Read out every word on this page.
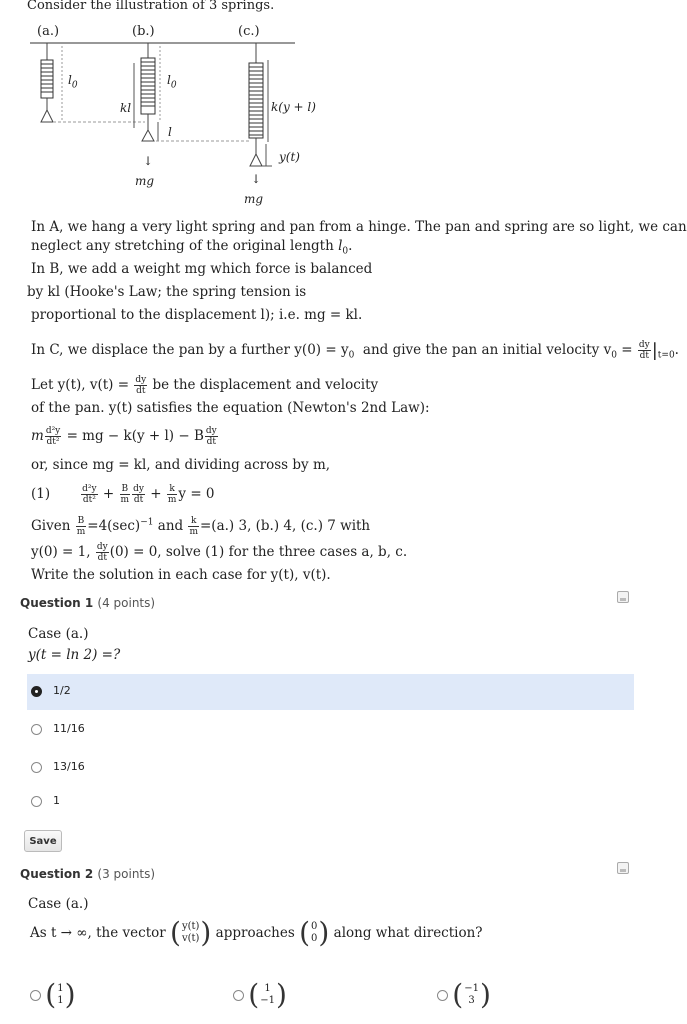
Consider the illustration of 3 springs.
(a.)	(b.)	(c.)
$l_0$	$l_0$
kl
l
k(y + l)
y(t)
↓
mg	↓
mg
In A, we hang a very light spring and pan from a hinge. The pan and spring are so light, we can
neglect any stretching of the original length $l_0$.
In B, we add a weight mg which force is balanced
by kl (Hooke's Law; the spring tension is
proportional to the displacement l); i.e. mg = kl.
In C, we displace the pan by a further $y(0) = y_0$ and give the pan an initial velocity $v_0 = \frac{dy}{dt} |_{t=0}$.
Let y(t), $v(t) = \frac{dy}{dt}$ be the displacement and velocity
of the pan. y(t) satisfies the equation (Newton's 2nd Law):
m $\frac{\text{d²y}}{\text{dt²}}$ = mg − k(y + l) − B $\frac{dy}{dt}$
or, since mg = kl, and dividing across by m,
(1)	$\frac{\text{d²y}}{\text{dt²}} + \frac{B}{m} \frac{dy}{dt} + \frac{k}{m}$ y = 0
Given $\frac{B}{m} =4(\sec)^{-1}$ and $\frac{k}{m} =(a.)$ 3, (b.) 4, (c.) 7 with
y(0) = 1, $\frac{dy}{dt} (0) = 0$, solve (1) for the three cases a, b, c.
Write the solution in each case for y(t), v(t).
Question 1 (4 points)
Case (a.)
y(t = ln 2) =?
1/2
11/16
13/16
1
Save
Question 2 (3 points)
Case (a.)
As t → ∞, the vector
( y(t)
v(t) )
approaches
( 0
0 )
along what direction?

( 1
1 )
	( 1
−1 )
	( −1
3 )
